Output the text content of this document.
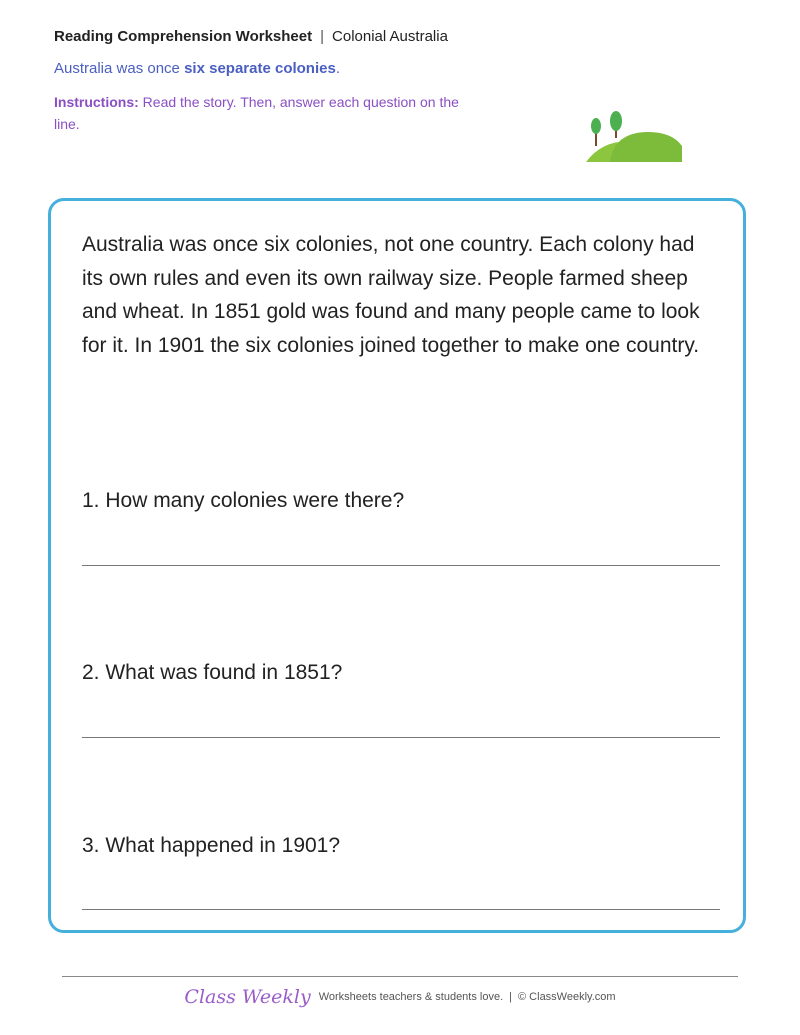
Reading Comprehension Worksheet | Colonial Australia
Australia was once six separate colonies.
Instructions: Read the story. Then, answer each question on the line.
Australia was once six colonies, not one country. Each colony had its own rules and even its own railway size. People farmed sheep and wheat. In 1851 gold was found and many people came to look for it. In 1901 the six colonies joined together to make one country.
1. How many colonies were there?
2. What was found in 1851?
3. What happened in 1901?
Class Weekly Worksheets teachers & students love. | © ClassWeekly.com
